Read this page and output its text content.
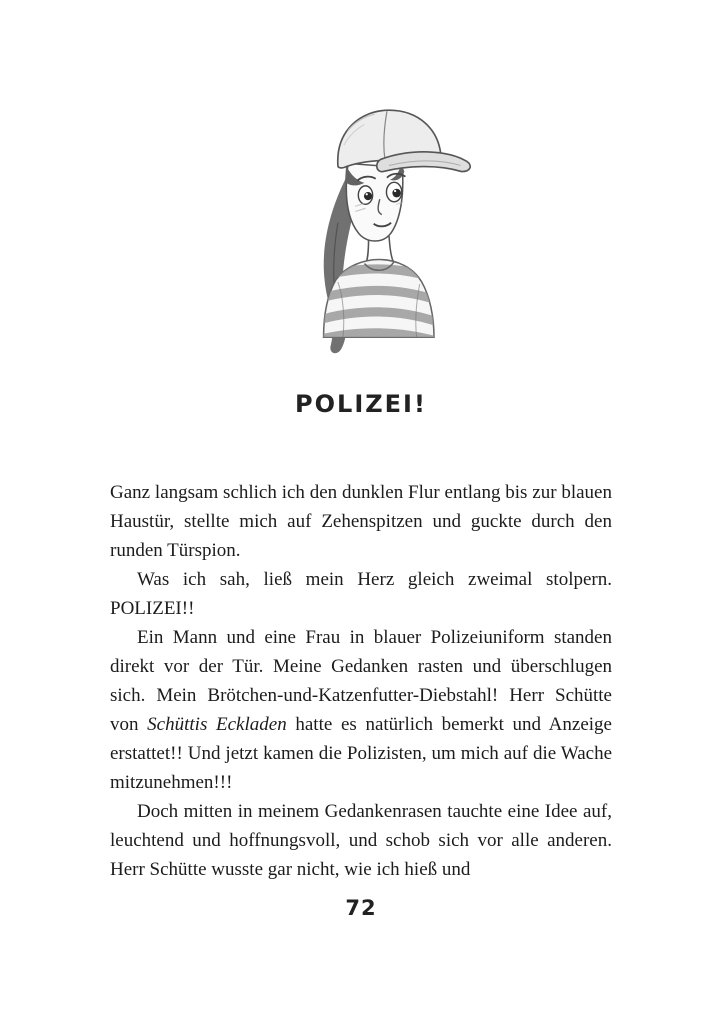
POLIZEI!

Ganz langsam schlich ich den dunklen Flur entlang bis zur blauen Haustür, stellte mich auf Zehenspitzen und guckte durch den runden Türspion.

Was ich sah, ließ mein Herz gleich zweimal stolpern. POLIZEI!!

Ein Mann und eine Frau in blauer Polizeiuniform standen direkt vor der Tür. Meine Gedanken rasten und überschlugen sich. Mein Brötchen-und-Katzenfutter-Diebstahl! Herr Schütte von Schüttis Eckladen hatte es natürlich bemerkt und Anzeige erstattet!! Und jetzt kamen die Polizisten, um mich auf die Wache mitzunehmen!!!

Doch mitten in meinem Gedankenrasen tauchte eine Idee auf, leuchtend und hoffnungsvoll, und schob sich vor alle anderen. Herr Schütte wusste gar nicht, wie ich hieß und

72
